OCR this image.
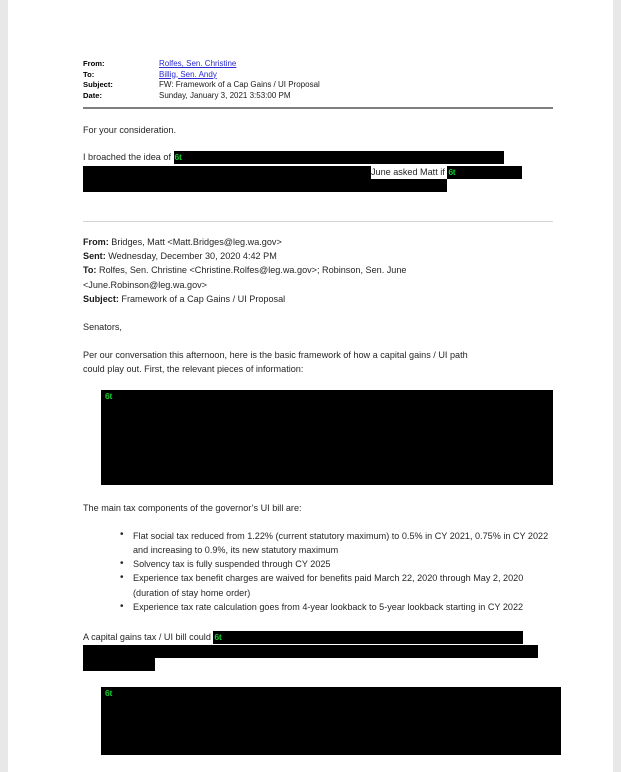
From:	Rolfes, Sen. Christine
To:	Billig, Sen. Andy
Subject:	FW: Framework of a Cap Gains / UI Proposal
Date:	Sunday, January 3, 2021 3:53:00 PM

For your consideration.

I broached the idea of 6t
June asked Matt if 6t
From: Bridges, Matt <Matt.Bridges@leg.wa.gov>
Sent: Wednesday, December 30, 2020 4:42 PM
To: Rolfes, Sen. Christine <Christine.Rolfes@leg.wa.gov>; Robinson, Sen. June
<June.Robinson@leg.wa.gov>
Subject: Framework of a Cap Gains / UI Proposal

Senators,

Per our conversation this afternoon, here is the basic framework of how a capital gains / UI path
could play out. First, the relevant pieces of information:
6t

The main tax components of the governor’s UI bill are:

• Flat social tax reduced from 1.22% (current statutory maximum) to 0.5% in CY 2021, 0.75% in CY 2022 and increasing to 0.9%, its new statutory maximum
• Solvency tax is fully suspended through CY 2025
• Experience tax benefit charges are waived for benefits paid March 22, 2020 through May 2, 2020 (duration of stay home order)
• Experience tax rate calculation goes from 4-year lookback to 5-year lookback starting in CY 2022
A capital gains tax / UI bill could 6t
6t
